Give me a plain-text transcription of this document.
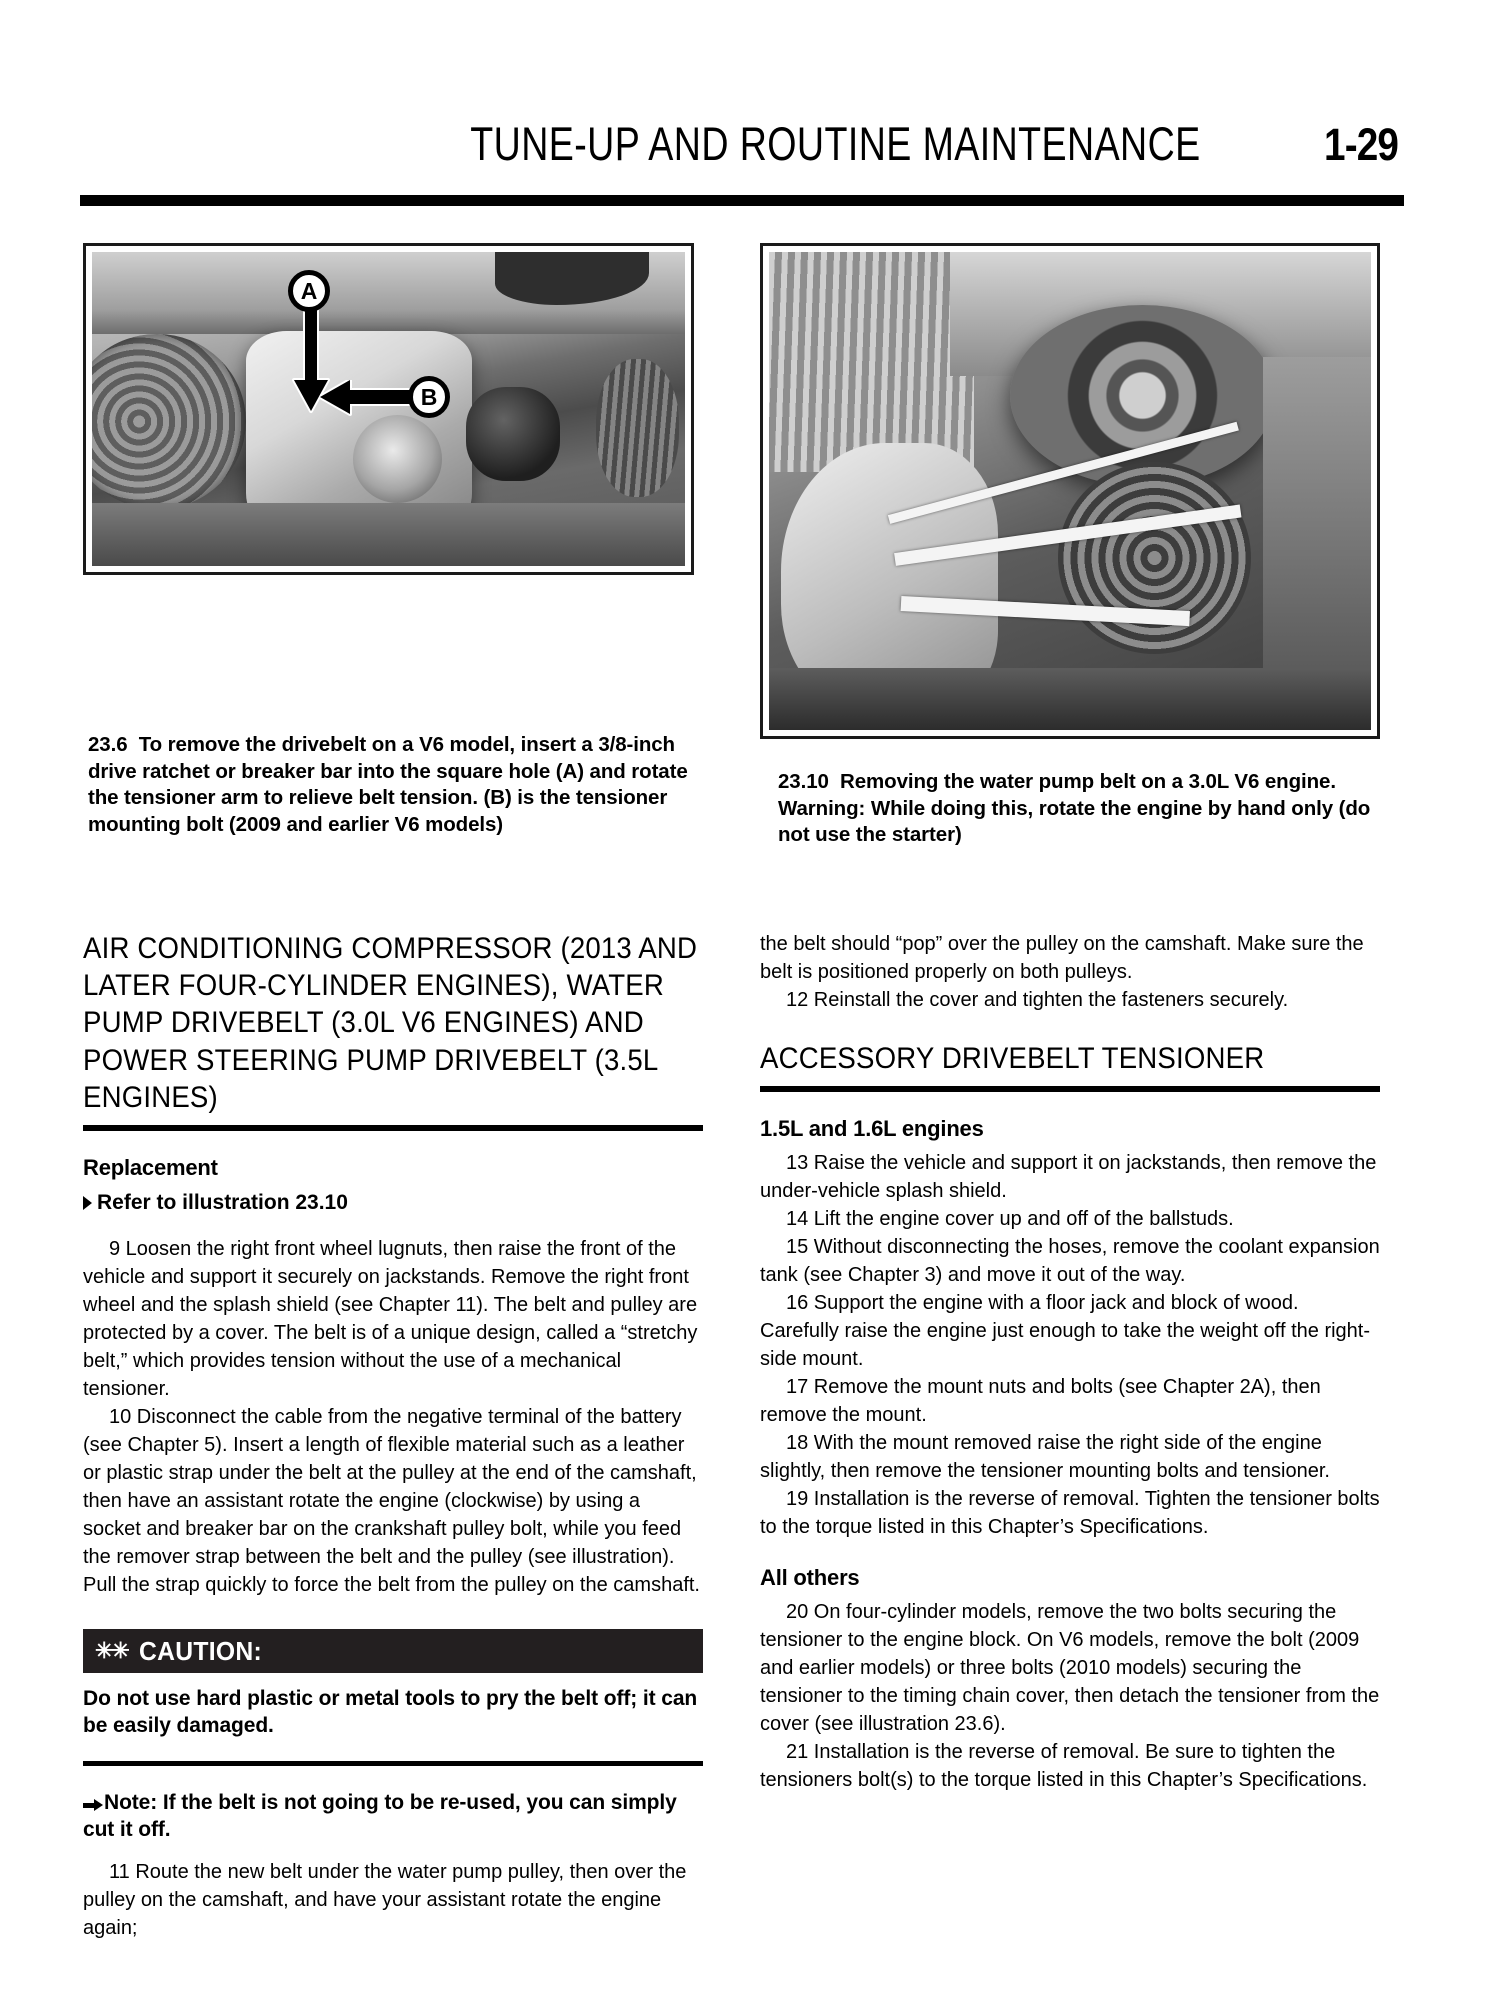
TUNE-UP AND ROUTINE MAINTENANCE	1-29
A
B
23.6 To remove the drivebelt on a V6 model, insert a 3/8-inch drive ratchet or breaker bar into the square hole (A) and rotate the tensioner arm to relieve belt tension. (B) is the tensioner mounting bolt (2009 and earlier V6 models)
23.10 Removing the water pump belt on a 3.0L V6 engine. Warning: While doing this, rotate the engine by hand only (do not use the starter)
AIR CONDITIONING COMPRESSOR (2013 AND LATER FOUR-CYLINDER ENGINES), WATER PUMP DRIVEBELT (3.0L V6 ENGINES) AND POWER STEERING PUMP DRIVEBELT (3.5L ENGINES)
Replacement
Refer to illustration 23.10

9 Loosen the right front wheel lugnuts, then raise the front of the vehicle and support it securely on jackstands. Remove the right front wheel and the splash shield (see Chapter 11). The belt and pulley are protected by a cover. The belt is of a unique design, called a “stretchy belt,” which provides tension without the use of a mechanical tensioner.

10 Disconnect the cable from the negative terminal of the battery (see Chapter 5). Insert a length of flexible material such as a leather or plastic strap under the belt at the pulley at the end of the camshaft, then have an assistant rotate the engine (clockwise) by using a socket and breaker bar on the crankshaft pulley bolt, while you feed the remover strap between the belt and the pulley (see illustration). Pull the strap quickly to force the belt from the pulley on the camshaft.

✳✳ CAUTION:
Do not use hard plastic or metal tools to pry the belt off; it can be easily damaged.
Note: If the belt is not going to be re-used, you can simply cut it off.

11 Route the new belt under the water pump pulley, then over the pulley on the camshaft, and have your assistant rotate the engine again;

the belt should “pop” over the pulley on the camshaft. Make sure the belt is positioned properly on both pulleys.

12 Reinstall the cover and tighten the fasteners securely.

ACCESSORY DRIVEBELT TENSIONER
1.5L and 1.6L engines

13 Raise the vehicle and support it on jackstands, then remove the under-vehicle splash shield.

14 Lift the engine cover up and off of the ballstuds.

15 Without disconnecting the hoses, remove the coolant expansion tank (see Chapter 3) and move it out of the way.

16 Support the engine with a floor jack and block of wood. Carefully raise the engine just enough to take the weight off the right-side mount.

17 Remove the mount nuts and bolts (see Chapter 2A), then remove the mount.

18 With the mount removed raise the right side of the engine slightly, then remove the tensioner mounting bolts and tensioner.

19 Installation is the reverse of removal. Tighten the tensioner bolts to the torque listed in this Chapter’s Specifications.

All others

20 On four-cylinder models, remove the two bolts securing the tensioner to the engine block. On V6 models, remove the bolt (2009 and earlier models) or three bolts (2010 models) securing the tensioner to the timing chain cover, then detach the tensioner from the cover (see illustration 23.6).

21 Installation is the reverse of removal. Be sure to tighten the tensioners bolt(s) to the torque listed in this Chapter’s Specifications.
